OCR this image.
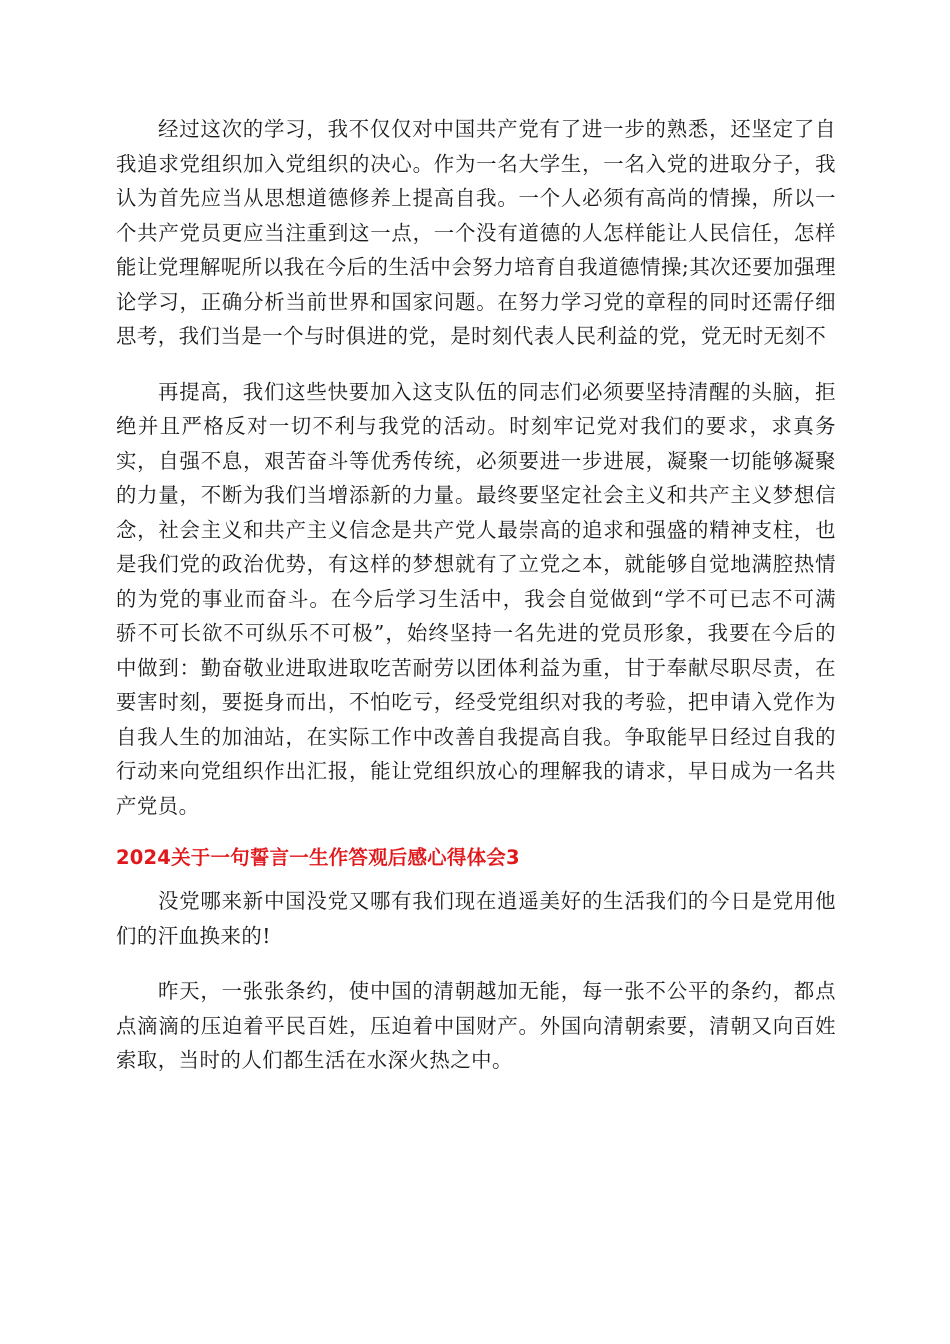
经过这次的学习，我不仅仅对中国共产党有了进一步的熟悉，还坚定了自我追求党组织加入党组织的决心。作为一名大学生，一名入党的进取分子，我认为首先应当从思想道德修养上提高自我。一个人必须有高尚的情操，所以一个共产党员更应当注重到这一点，一个没有道德的人怎样能让人民信任，怎样能让党理解呢所以我在今后的生活中会努力培育自我道德情操;其次还要加强理论学习，正确分析当前世界和国家问题。在努力学习党的章程的同时还需仔细思考，我们当是一个与时俱进的党，是时刻代表人民利益的党，党无时无刻不

再提高，我们这些快要加入这支队伍的同志们必须要坚持清醒的头脑，拒绝并且严格反对一切不利与我党的活动。时刻牢记党对我们的要求，求真务实，自强不息，艰苦奋斗等优秀传统，必须要进一步进展，凝聚一切能够凝聚的力量，不断为我们当增添新的力量。最终要坚定社会主义和共产主义梦想信念，社会主义和共产主义信念是共产党人最崇高的追求和强盛的精神支柱，也是我们党的政治优势，有这样的梦想就有了立党之本，就能够自觉地满腔热情的为党的事业而奋斗。在今后学习生活中，我会自觉做到“学不可已志不可满骄不可长欲不可纵乐不可极”，始终坚持一名先进的党员形象，我要在今后的中做到：勤奋敬业进取进取吃苦耐劳以团体利益为重，甘于奉献尽职尽责，在要害时刻，要挺身而出，不怕吃亏，经受党组织对我的考验，把申请入党作为自我人生的加油站，在实际工作中改善自我提高自我。争取能早日经过自我的行动来向党组织作出汇报，能让党组织放心的理解我的请求，早日成为一名共产党员。

2024关于一句誓言一生作答观后感心得体会3

没党哪来新中国没党又哪有我们现在逍遥美好的生活我们的今日是党用他们的汗血换来的!

昨天，一张张条约，使中国的清朝越加无能，每一张不公平的条约，都点点滴滴的压迫着平民百姓，压迫着中国财产。外国向清朝索要，清朝又向百姓索取，当时的人们都生活在水深火热之中。
